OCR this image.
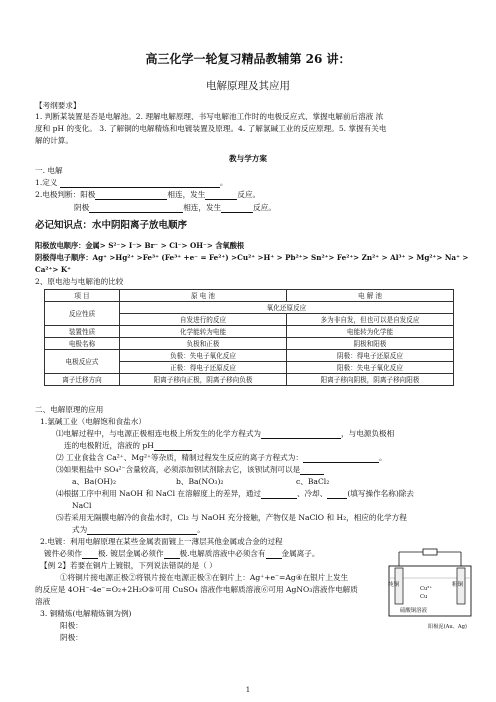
高三化学一轮复习精品教辅第 26 讲：
电解原理及其应用
【考纲要求】
1. 判断某装置是否是电解池。2. 理解电解原理、书写电解池工作时的电极反应式、掌握电解前后溶液 浓
度和 pH 的变化。 3. 了解铜的电解精炼和电镀装置及原理。4. 了解氯碱工业的反应原理。5. 掌握有关电
解的计算。
教与学方案
一. 电解
1.定义	。
2.电极判断：阳极	相连，发生	反应。
阴极	相连，发生	反应。
必记知识点：水中阴阳离子放电顺序
阳极放电顺序：金属> S²⁻> I⁻> Br⁻ > Cl⁻> OH⁻> 含氧酸根
阴极得电子顺序：Ag⁺ >Hg²⁺ >Fe³⁺ (Fe³⁺ +e⁻ = Fe²⁺) >Cu²⁺ >H⁺ > Pb²⁺> Sn²⁺> Fe²⁺> Zn²⁺ > Al³⁺ > Mg²⁺> Na⁺ >
Ca²⁺> K⁺
2、原电池与电解池的比较
项 目	原 电 池	电 解 池
反应性质	氧化还原反应	
	自发进行的反应	多为非自发，但也可以是自发反应
装置性质	化学能转为电能	电能转为化学能
电极名称	负极和正极	阴极和阳极
电极反应式	负极：失电子氧化反应	阴极：得电子还原反应
	正极：得电子还原反应	阳极：失电子氧化反应
离子迁移方向	阳离子移向正极，阴离子移向负极	阳离子移向阴极，阴离子移向阳极
二、电解原理的应用
1.氯碱工业（电解饱和食盐水）
⑴电解过程中，与电源正极相连电极上所发生的化学方程式为	，与电源负极相
连的电极附近，溶液的 pH
⑵ 工业食盐含 Ca²⁺、Mg²⁺等杂质，精制过程发生反应的离子方程式为：	。
⑶如果粗盐中 SO₄²⁻含量较高，必须添加钡试剂除去它，该钡试剂可以是
a、Ba(OH)₂	b、Ba(NO₃)₂	c、BaCl₂
⑷根据工序中利用 NaOH 和 NaCl 在溶解度上的差异，通过	、冷却、	(填写操作名称)除去
NaCl
⑸若采用无隔膜电解冷的食盐水时，Cl₂ 与 NaOH 充分接触，产物仅是 NaClO 和 H₂，相应的化学方程
式为	。
2.电镀：利用电解原理在某些金属表面镀上一薄层其他金属或合金的过程
镀件必须作 极. 镀层金属必须作 极.电解质溶液中必须含有 金属离子。
【例 2】若要在铜片上镀银，下列说法错误的是（ ）
①将铜片接电源正极②将银片接在电源正极③在铜片上：Ag⁺+e⁻=Ag④在银片上发生
的反应是 4OH⁻-4e⁻=O₂+2H₂O⑤可用 CuSO₄ 溶液作电解质溶液⑥可用 AgNO₃溶液作电解质
溶液
3. 铜精炼(电解精炼铜为例)
阳极：
阴极：
纯铜	粗铜
Cu²⁺
Cu
硫酸铜溶液
阳极泥(Au、Ag)
1
